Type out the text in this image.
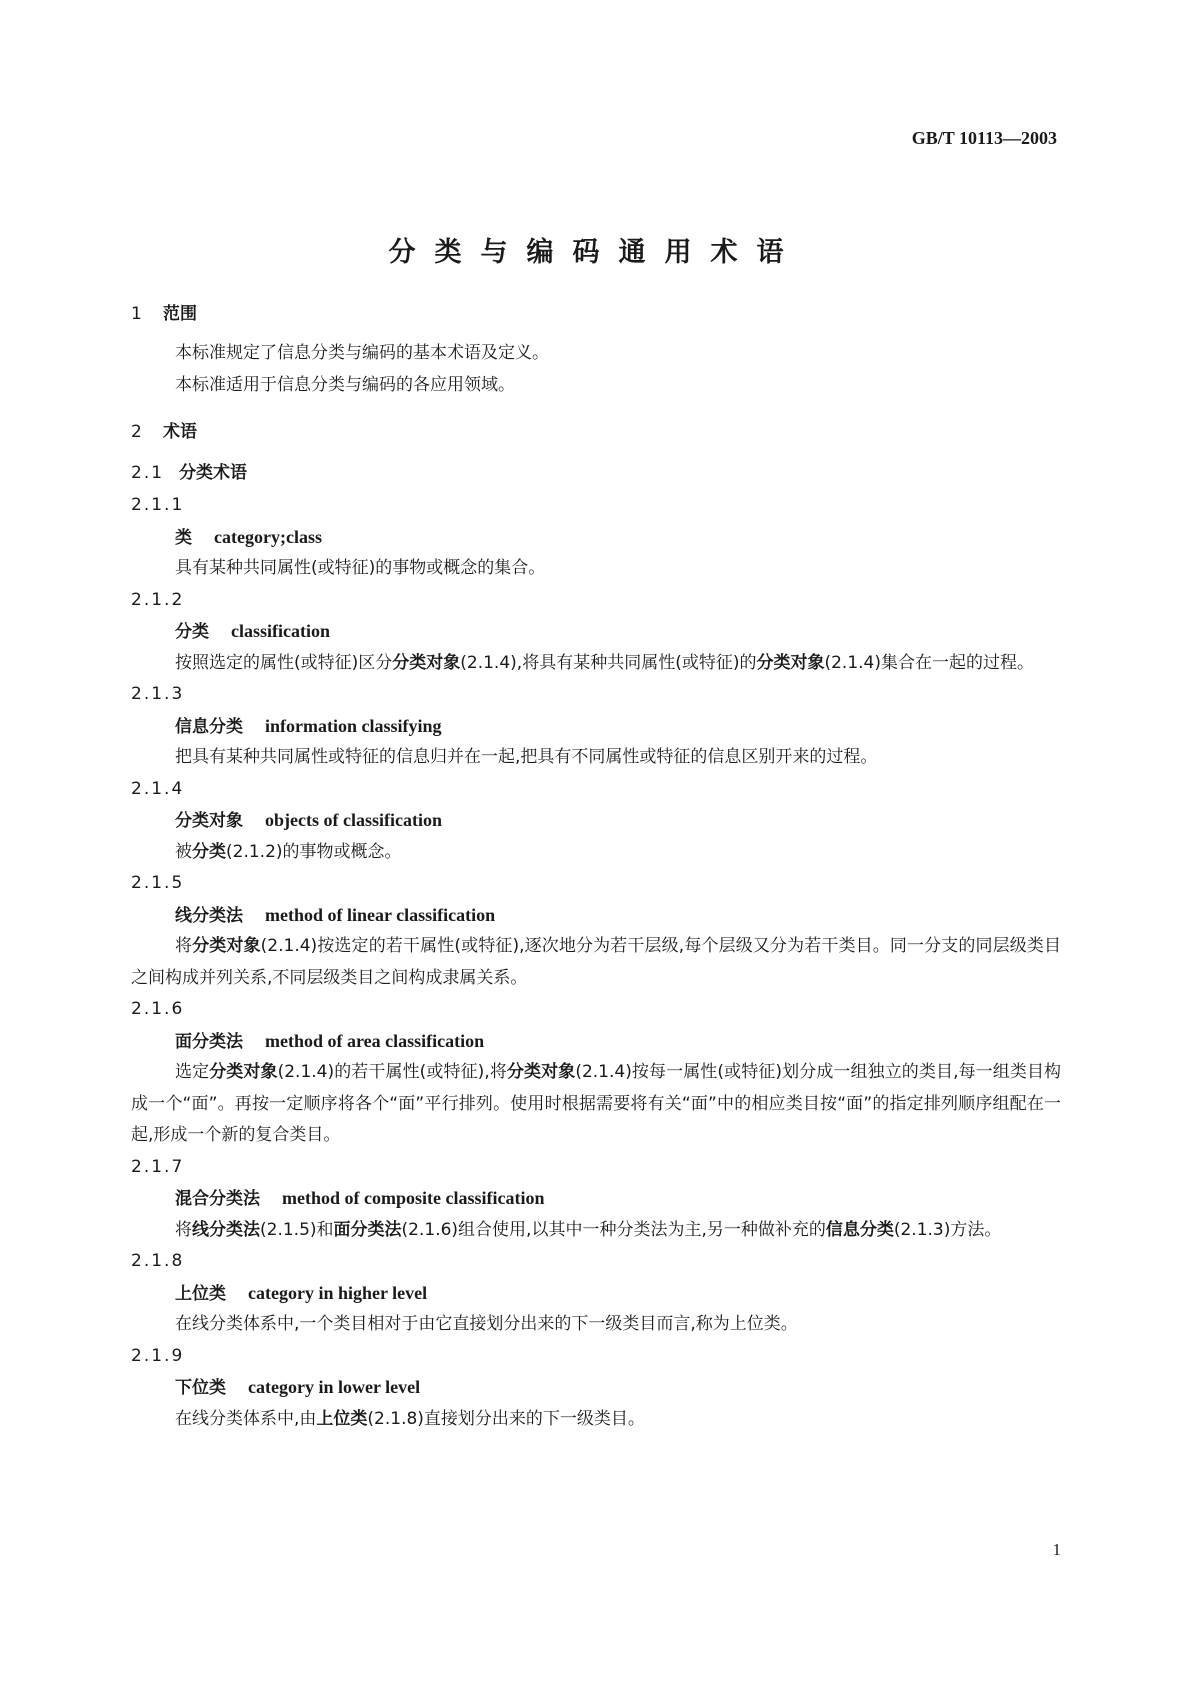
GB/T 10113—2003
分类与编码通用术语
1 范围
本标准规定了信息分类与编码的基本术语及定义。
本标准适用于信息分类与编码的各应用领域。
2 术语
2.1 分类术语
2.1.1
类 category;class
具有某种共同属性(或特征)的事物或概念的集合。
2.1.2
分类 classification
按照选定的属性(或特征)区分分类对象(2.1.4),将具有某种共同属性(或特征)的分类对象(2.1.4)集合在一起的过程。
2.1.3
信息分类 information classifying
把具有某种共同属性或特征的信息归并在一起,把具有不同属性或特征的信息区别开来的过程。
2.1.4
分类对象 objects of classification
被分类(2.1.2)的事物或概念。
2.1.5
线分类法 method of linear classification
将分类对象(2.1.4)按选定的若干属性(或特征),逐次地分为若干层级,每个层级又分为若干类目。同一分支的同层级类目之间构成并列关系,不同层级类目之间构成隶属关系。
2.1.6
面分类法 method of area classification
选定分类对象(2.1.4)的若干属性(或特征),将分类对象(2.1.4)按每一属性(或特征)划分成一组独立的类目,每一组类目构成一个“面”。再按一定顺序将各个“面”平行排列。使用时根据需要将有关“面”中的相应类目按“面”的指定排列顺序组配在一起,形成一个新的复合类目。
2.1.7
混合分类法 method of composite classification
将线分类法(2.1.5)和面分类法(2.1.6)组合使用,以其中一种分类法为主,另一种做补充的信息分类(2.1.3)方法。
2.1.8
上位类 category in higher level
在线分类体系中,一个类目相对于由它直接划分出来的下一级类目而言,称为上位类。
2.1.9
下位类 category in lower level
在线分类体系中,由上位类(2.1.8)直接划分出来的下一级类目。
1
